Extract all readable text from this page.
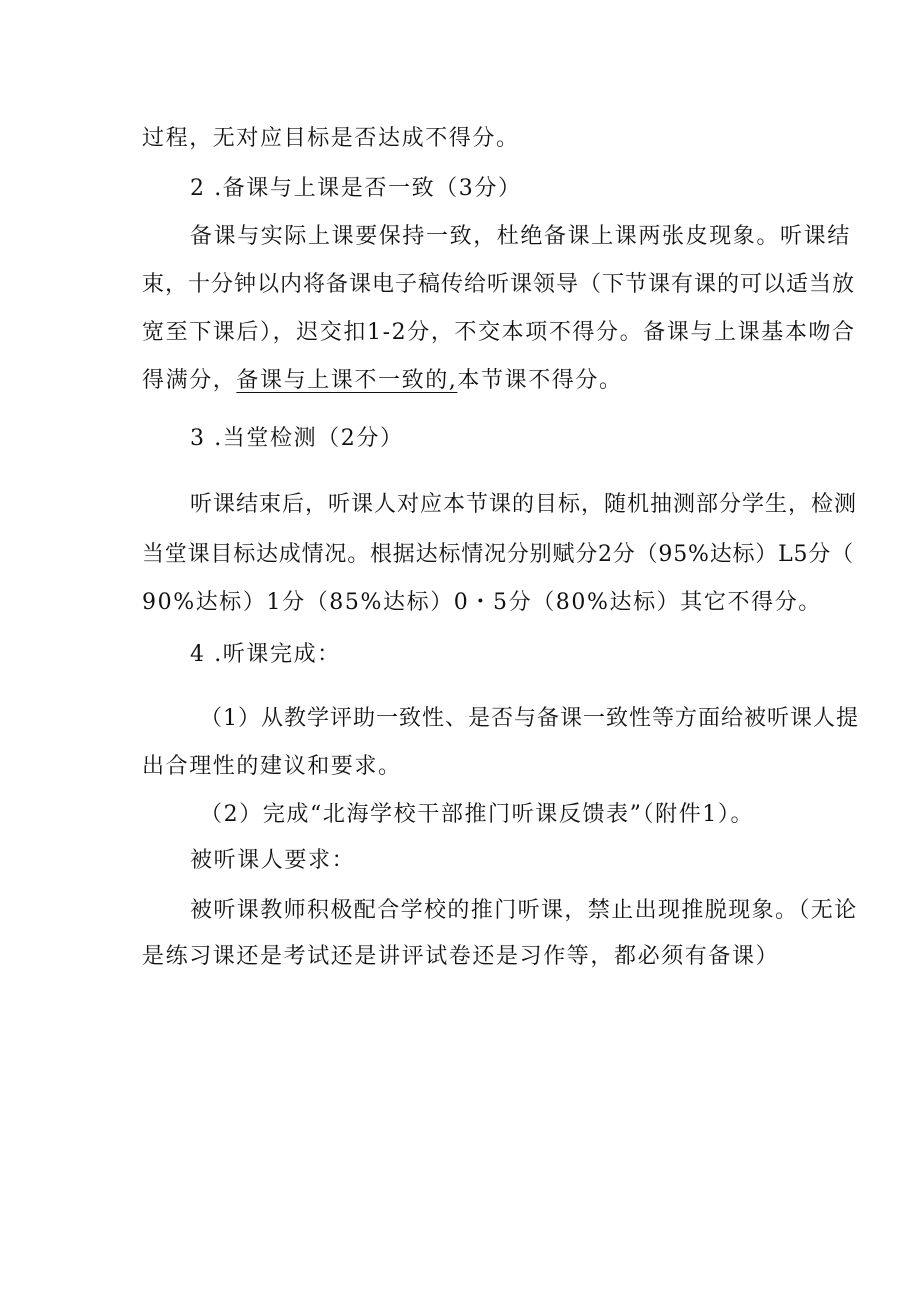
过程，无对应目标是否达成不得分。
2 .备课与上课是否一致（3分）
备课与实际上课要保持一致，杜绝备课上课两张皮现象。听课结
束，十分钟以内将备课电子稿传给听课领导（下节课有课的可以适当放
宽至下课后），迟交扣1-2分，不交本项不得分。备课与上课基本吻合
得满分，备课与上课不一致的,本节课不得分。
3 .当堂检测（2分）
听课结束后，听课人对应本节课的目标，随机抽测部分学生，检测
当堂课目标达成情况。根据达标情况分别赋分2分（95%达标）L5分（
90%达标）1分（85%达标）0・5分（80%达标）其它不得分。
4 .听课完成：
（1）从教学评助一致性、是否与备课一致性等方面给被听课人提
出合理性的建议和要求。
（2）完成“北海学校干部推门听课反馈表”（附件1）。
被听课人要求：
被听课教师积极配合学校的推门听课，禁止出现推脱现象。（无论
是练习课还是考试还是讲评试卷还是习作等，都必须有备课）
